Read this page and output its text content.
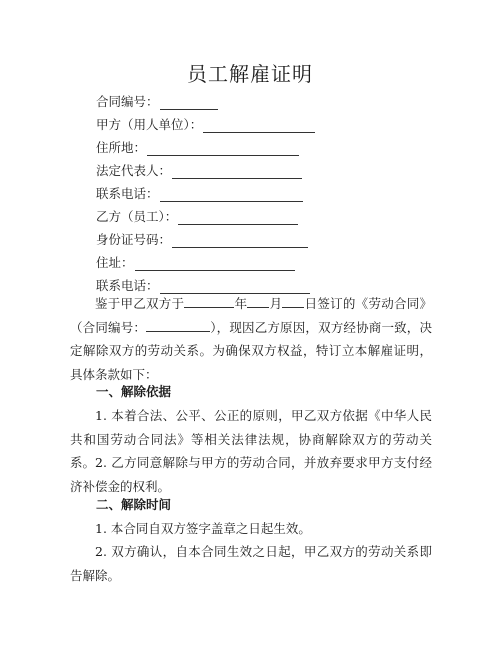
员工解雇证明
合同编号：
甲方（用人单位）：
住所地：
法定代表人：
联系电话：
乙方（员工）：
身份证号码：
住址：
联系电话：
鉴于甲乙双方于	年 月 日签订的《劳动合同》（合同编号：	），现因乙方原因，双方经协商一致，决定解除双方的劳动关系。为确保双方权益，特订立本解雇证明，具体条款如下：
一、解除依据
1. 本着合法、公平、公正的原则，甲乙双方依据《中华人民共和国劳动合同法》等相关法律法规，协商解除双方的劳动关系。 2. 乙方同意解除与甲方的劳动合同，并放弃要求甲方支付经济补偿金的权利。
二、解除时间
1. 本合同自双方签字盖章之日起生效。
2. 双方确认，自本合同生效之日起，甲乙双方的劳动关系即告解除。
